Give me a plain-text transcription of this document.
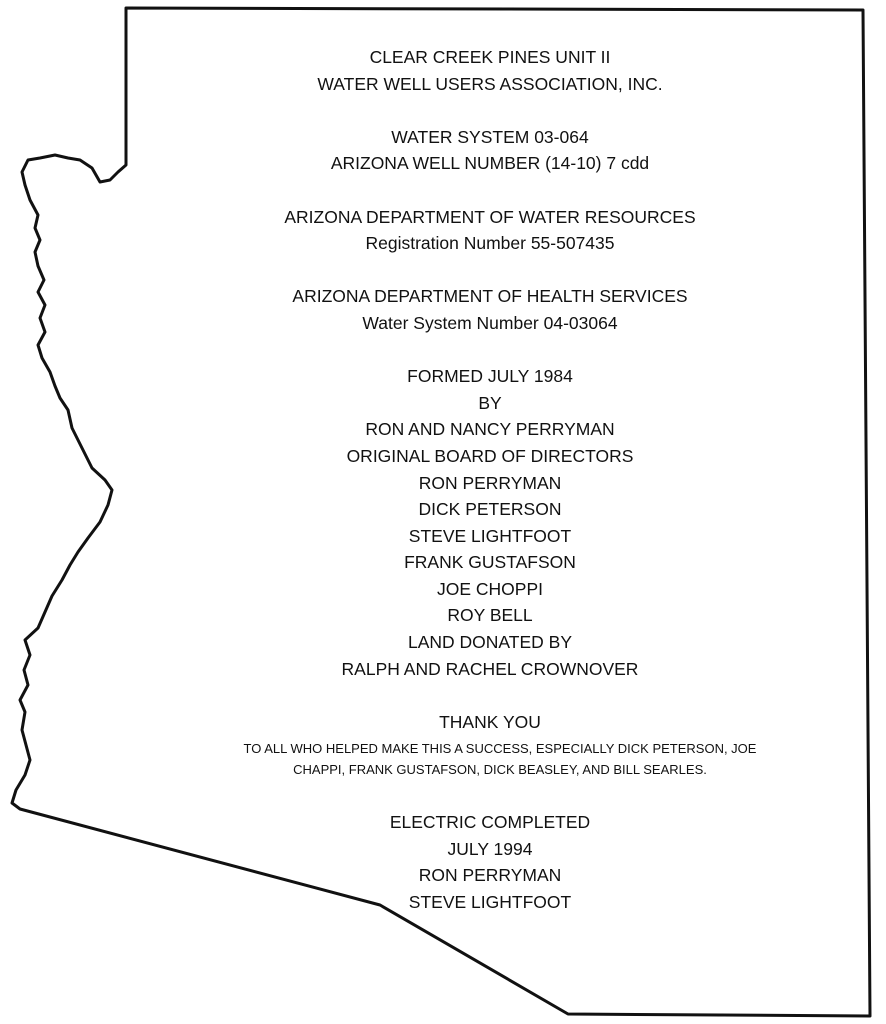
CLEAR CREEK PINES UNIT II
WATER WELL USERS ASSOCIATION, INC.
WATER SYSTEM 03-064
ARIZONA WELL NUMBER (14-10) 7 cdd
ARIZONA DEPARTMENT OF WATER RESOURCES
Registration Number 55-507435
ARIZONA DEPARTMENT OF HEALTH SERVICES
Water System Number 04-03064
FORMED JULY 1984
BY
RON AND NANCY PERRYMAN
ORIGINAL BOARD OF DIRECTORS
RON PERRYMAN
DICK PETERSON
STEVE LIGHTFOOT
FRANK GUSTAFSON
JOE CHOPPI
ROY BELL
LAND DONATED BY
RALPH AND RACHEL CROWNOVER
THANK YOU
TO ALL WHO HELPED MAKE THIS A SUCCESS, ESPECIALLY DICK PETERSON, JOE
CHAPPI, FRANK GUSTAFSON, DICK BEASLEY, AND BILL SEARLES.
ELECTRIC COMPLETED
JULY 1994
RON PERRYMAN
STEVE LIGHTFOOT
